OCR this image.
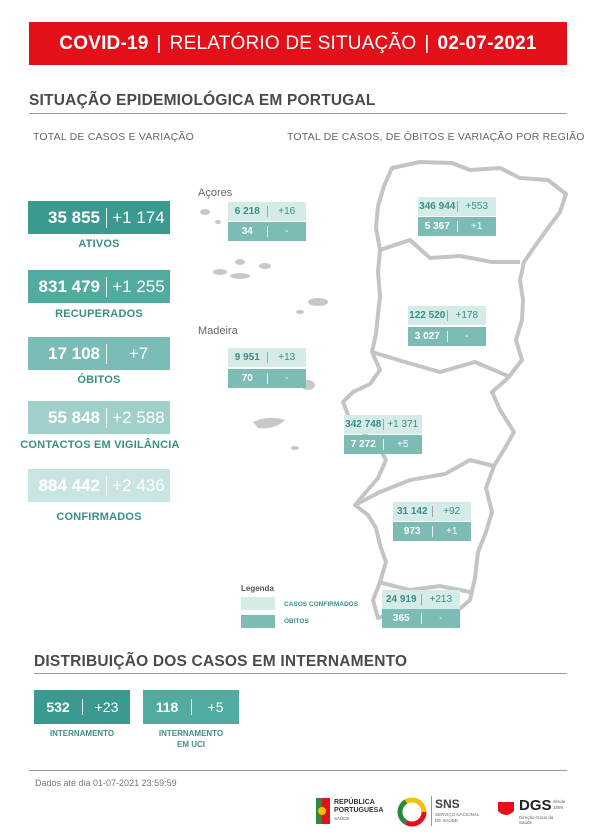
COVID-19 | RELATÓRIO DE SITUAÇÃO | 02-07-2021
SITUAÇÃO EPIDEMIOLÓGICA EM PORTUGAL
TOTAL DE CASOS E VARIAÇÃO	TOTAL DE CASOS, DE ÓBITOS E VARIAÇÃO POR REGIÃO
35 855 +1 174
ATIVOS
831 479 +1 255
RECUPERADOS
17 108	+7
ÓBITOS
55 848 +2 588
CONTACTOS EM VIGILÂNCIA
884 442 +2 436
CONFIRMADOS
Açores
Madeira
6 218	+16
34	-
9 951	+13
70	-
346 944	+553
5 367	+1
122 520	+178
3 027	-
342 748 +1 371
7 272	+5
31 142	+92
973	+1
24 919	+213
365	-
Legenda
CASOS CONFIRMADOS
ÓBITOS
DISTRIBUIÇÃO DOS CASOS EM INTERNAMENTO
532	+23
INTERNAMENTO
118	+5
INTERNAMENTO
EM UCI
Dados até dia 01-07-2021 23:59:59
REPÚBLICA
PORTUGUESA
SAÚDE
SNS
SERVIÇO NACIONAL
DE SAÚDE
DGS
Direção-Geral da Saúde
desde
1899
